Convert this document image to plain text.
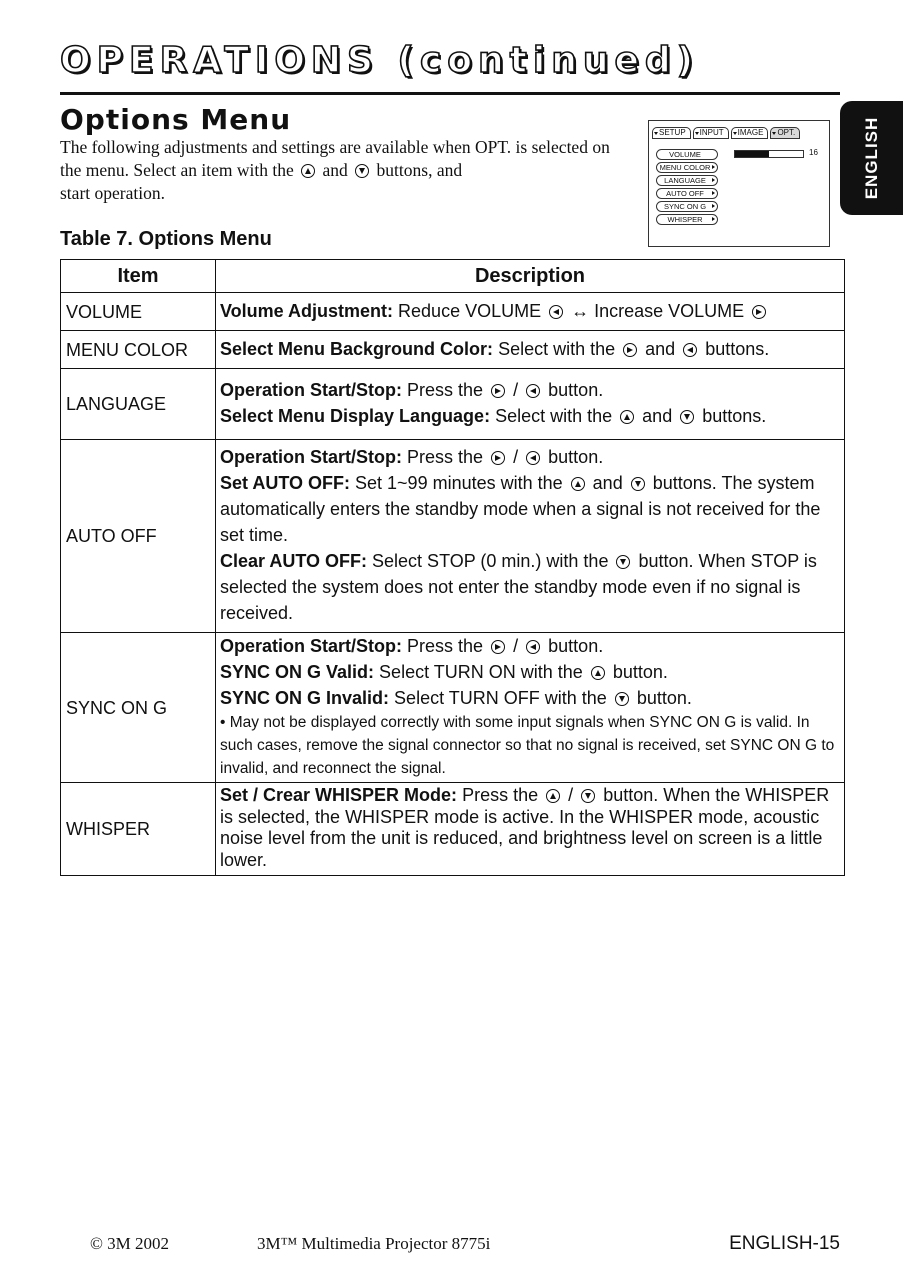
OPERATIONS (continued)
ENGLISH
Options Menu
The following adjustments and settings are available when OPT. is selected on the menu. Select an item with the and buttons, and
start operation.
SETUP	INPUT	IMAGE	OPT.
VOLUME
MENU COLOR
LANGUAGE
AUTO OFF
SYNC ON G
WHISPER
16
Table 7. Options Menu
Item	Description
VOLUME	Volume Adjustment: Reduce VOLUME ↔ Increase VOLUME
MENU COLOR	Select Menu Background Color: Select with the and buttons.
LANGUAGE	Operation Start/Stop: Press the / button.
Select Menu Display Language: Select with the and buttons.

AUTO OFF	Operation Start/Stop: Press the / button.
Set AUTO OFF: Set 1~99 minutes with the and buttons. The system automatically enters the standby mode when a signal is not received for the set time.
Clear AUTO OFF: Select STOP (0 min.) with the button. When STOP is selected the system does not enter the standby mode even if no signal is received.

SYNC ON G	Operation Start/Stop: Press the / button.
SYNC ON G Valid: Select TURN ON with the button.
SYNC ON G Invalid: Select TURN OFF with the button.
• May not be displayed correctly with some input signals when SYNC ON G is valid. In such cases, remove the signal connector so that no signal is received, set SYNC ON G to invalid, and reconnect the signal.

WHISPER	Set / Crear WHISPER Mode: Press the / button. When the WHISPER is selected, the WHISPER mode is active. In the WHISPER mode, acoustic noise level from the unit is reduced, and brightness level on screen is a little lower.
© 3M 2002	3M™ Multimedia Projector 8775i	ENGLISH-15
